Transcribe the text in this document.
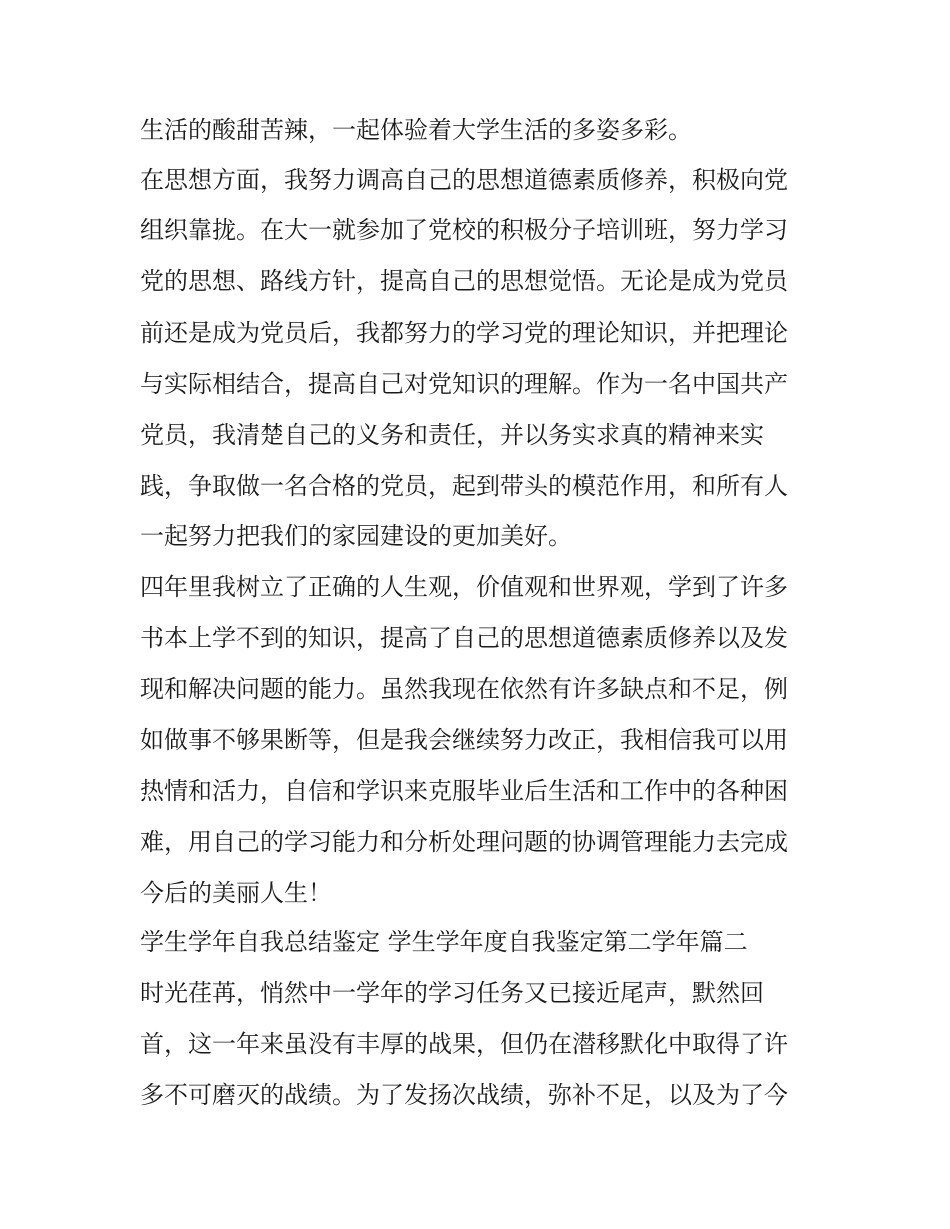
生活的酸甜苦辣，一起体验着大学生活的多姿多彩。
在思想方面，我努力调高自己的思想道德素质修养，积极向党
组织靠拢。在大一就参加了党校的积极分子培训班，努力学习
党的思想、路线方针，提高自己的思想觉悟。无论是成为党员
前还是成为党员后，我都努力的学习党的理论知识，并把理论
与实际相结合，提高自己对党知识的理解。作为一名中国共产
党员，我清楚自己的义务和责任，并以务实求真的精神来实
践，争取做一名合格的党员，起到带头的模范作用，和所有人
一起努力把我们的家园建设的更加美好。
四年里我树立了正确的人生观，价值观和世界观，学到了许多
书本上学不到的知识，提高了自己的思想道德素质修养以及发
现和解决问题的能力。虽然我现在依然有许多缺点和不足，例
如做事不够果断等，但是我会继续努力改正，我相信我可以用
热情和活力，自信和学识来克服毕业后生活和工作中的各种困
难，用自己的学习能力和分析处理问题的协调管理能力去完成
今后的美丽人生！
学生学年自我总结鉴定 学生学年度自我鉴定第二学年篇二
时光荏苒，悄然中一学年的学习任务又已接近尾声，默然回
首，这一年来虽没有丰厚的战果，但仍在潜移默化中取得了许
多不可磨灭的战绩。为了发扬次战绩，弥补不足，以及为了今
